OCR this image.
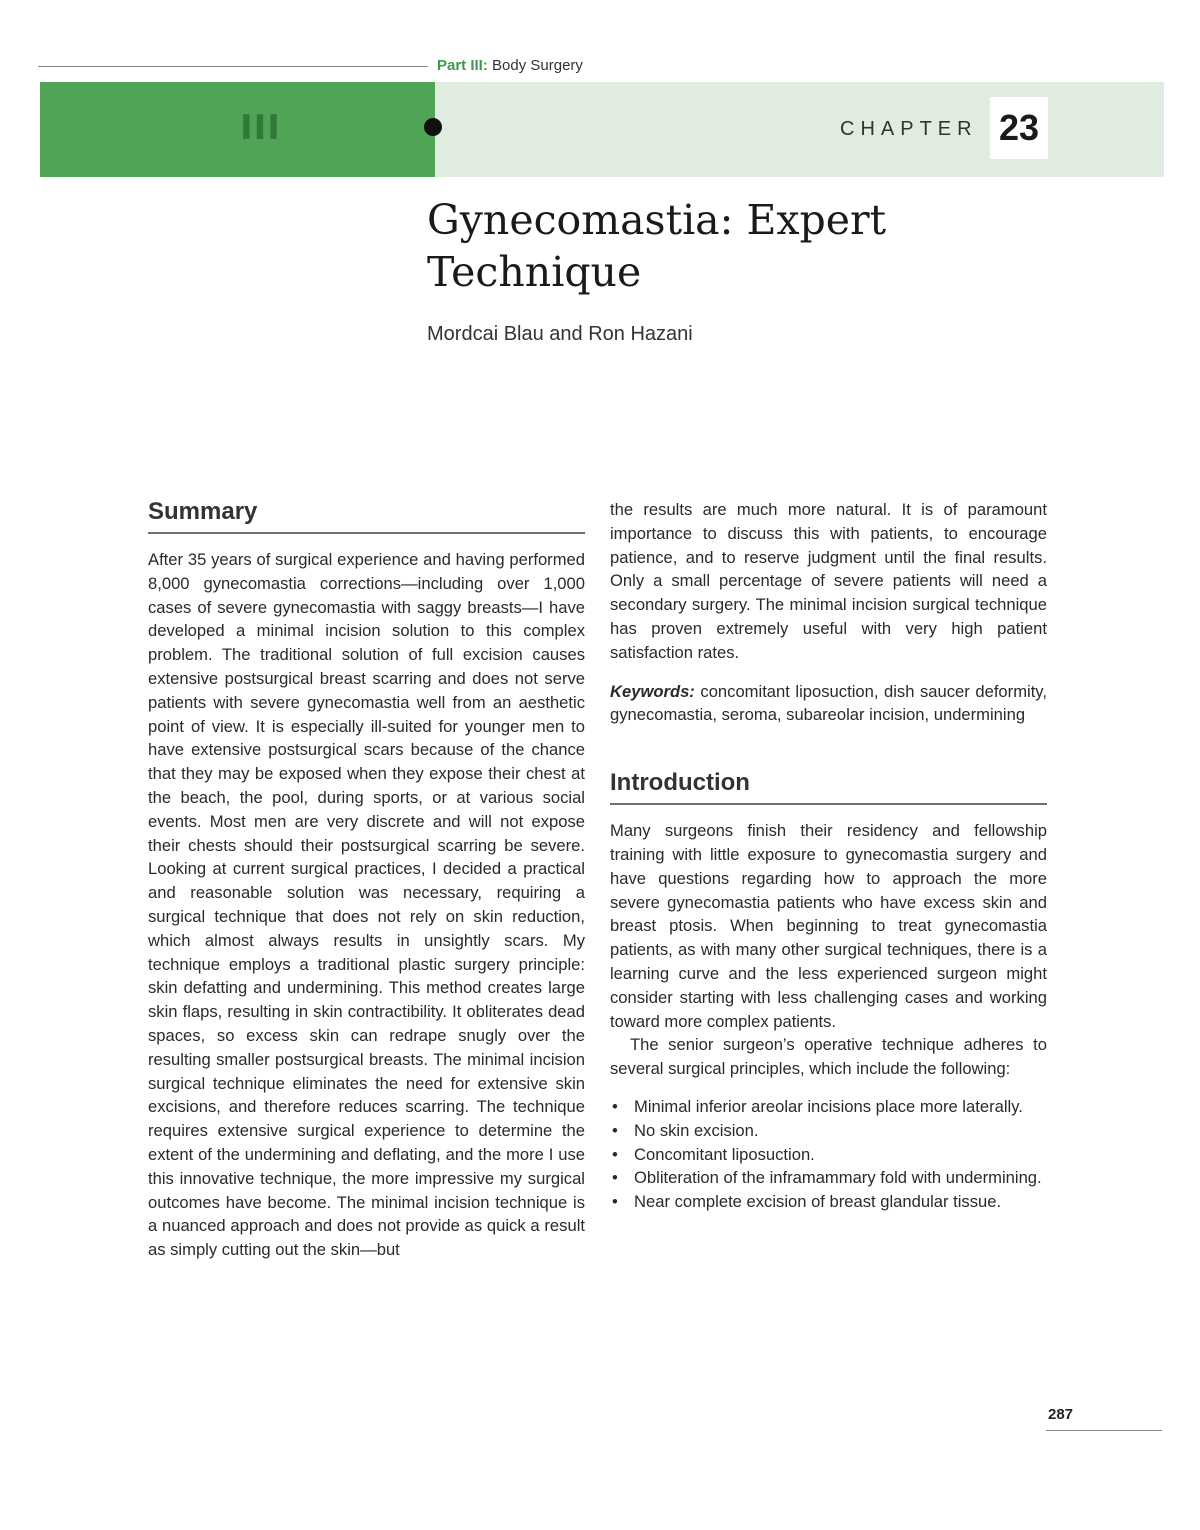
Part III: Body Surgery
III	CHAPTER 23
Gynecomastia: Expert Technique
Mordcai Blau and Ron Hazani
Summary

After 35 years of surgical experience and having performed 8,000 gynecomastia corrections—including over 1,000 cases of severe gynecomastia with saggy breasts—I have developed a minimal incision solution to this complex problem. The traditional solution of full excision causes extensive postsurgical breast scarring and does not serve patients with severe gynecomastia well from an aesthetic point of view. It is especially ill-suited for younger men to have extensive postsurgical scars because of the chance that they may be exposed when they expose their chest at the beach, the pool, during sports, or at various social events. Most men are very discrete and will not expose their chests should their postsurgical scarring be severe. Looking at current surgical practices, I decided a practical and reasonable solution was necessary, requiring a surgical technique that does not rely on skin reduction, which almost always results in unsightly scars. My technique employs a traditional plastic surgery principle: skin defatting and undermining. This method creates large skin flaps, resulting in skin contractibility. It obliterates dead spaces, so excess skin can redrape snugly over the resulting smaller postsurgical breasts. The minimal incision surgical technique eliminates the need for extensive skin excisions, and therefore reduces scarring. The technique requires extensive surgical experience to determine the extent of the undermining and deflating, and the more I use this innovative technique, the more impressive my surgical outcomes have become. The minimal incision technique is a nuanced approach and does not provide as quick a result as simply cutting out the skin—but

the results are much more natural. It is of paramount importance to discuss this with patients, to encourage patience, and to reserve judgment until the final results. Only a small percentage of severe patients will need a secondary surgery. The minimal incision surgical technique has proven extremely useful with very high patient satisfaction rates.

Keywords: concomitant liposuction, dish saucer deformity, gynecomastia, seroma, subareolar incision, undermining

Introduction

Many surgeons finish their residency and fellowship training with little exposure to gynecomastia surgery and have questions regarding how to approach the more severe gynecomastia patients who have excess skin and breast ptosis. When beginning to treat gynecomastia patients, as with many other surgical techniques, there is a learning curve and the less experienced surgeon might consider starting with less challenging cases and working toward more complex patients.

The senior surgeon’s operative technique adheres to several surgical principles, which include the following:

• Minimal inferior areolar incisions place more laterally.
• No skin excision.
• Concomitant liposuction.
• Obliteration of the inframammary fold with undermining.
• Near complete excision of breast glandular tissue.
287
